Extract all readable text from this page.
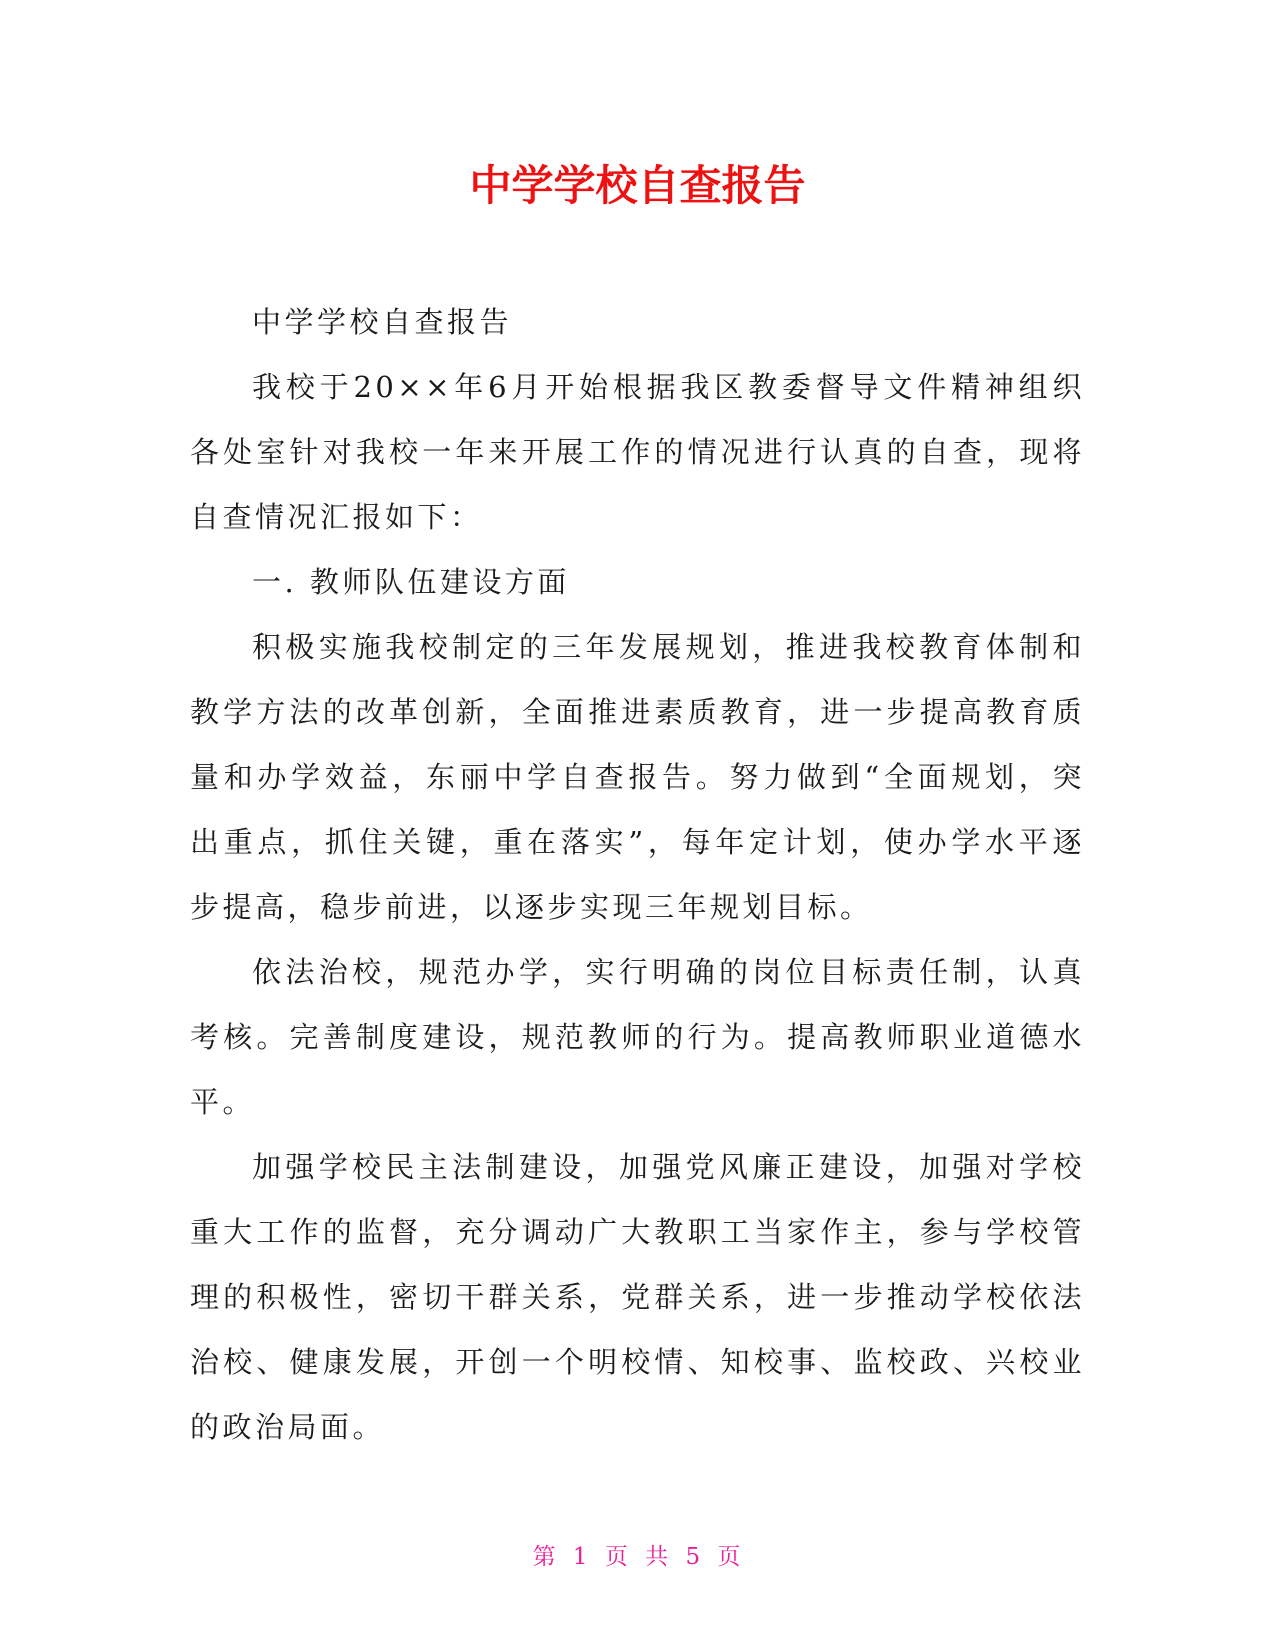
中学学校自查报告

中学学校自查报告

我校于20××年6月开始根据我区教委督导文件精神组织各处室针对我校一年来开展工作的情况进行认真的自查，现将自查情况汇报如下：

一. 教师队伍建设方面

积极实施我校制定的三年发展规划，推进我校教育体制和教学方法的改革创新，全面推进素质教育，进一步提高教育质量和办学效益，东丽中学自查报告。努力做到“全面规划，突出重点，抓住关键，重在落实”，每年定计划，使办学水平逐步提高，稳步前进，以逐步实现三年规划目标。

依法治校，规范办学，实行明确的岗位目标责任制，认真考核。完善制度建设，规范教师的行为。提高教师职业道德水平。

加强学校民主法制建设，加强党风廉正建设，加强对学校重大工作的监督，充分调动广大教职工当家作主，参与学校管理的积极性，密切干群关系，党群关系，进一步推动学校依法治校、健康发展，开创一个明校情、知校事、监校政、兴校业的政治局面。

第 1 页 共 5 页
